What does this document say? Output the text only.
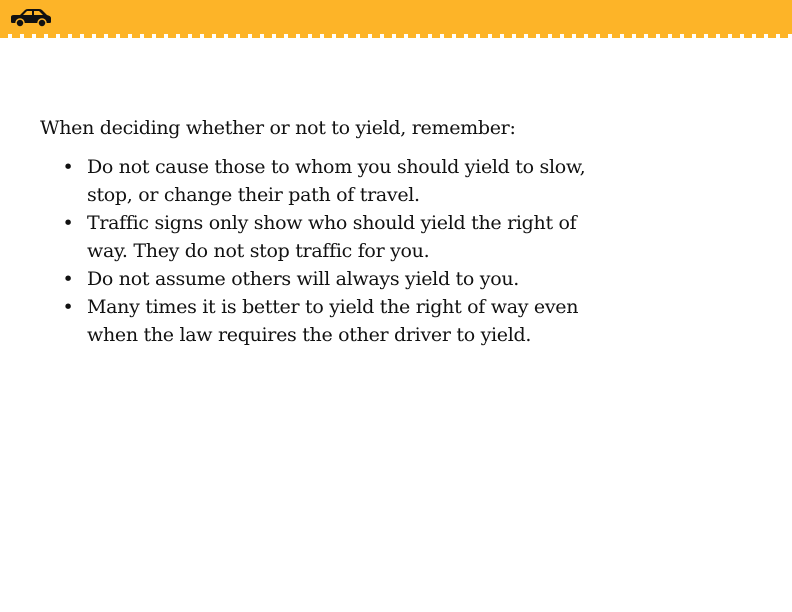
When deciding whether or not to yield, remember:

• Do not cause those to whom you should yield to slow, stop, or change their path of travel.
• Traffic signs only show who should yield the right of way. They do not stop traffic for you.
• Do not assume others will always yield to you.
• Many times it is better to yield the right of way even when the law requires the other driver to yield.
